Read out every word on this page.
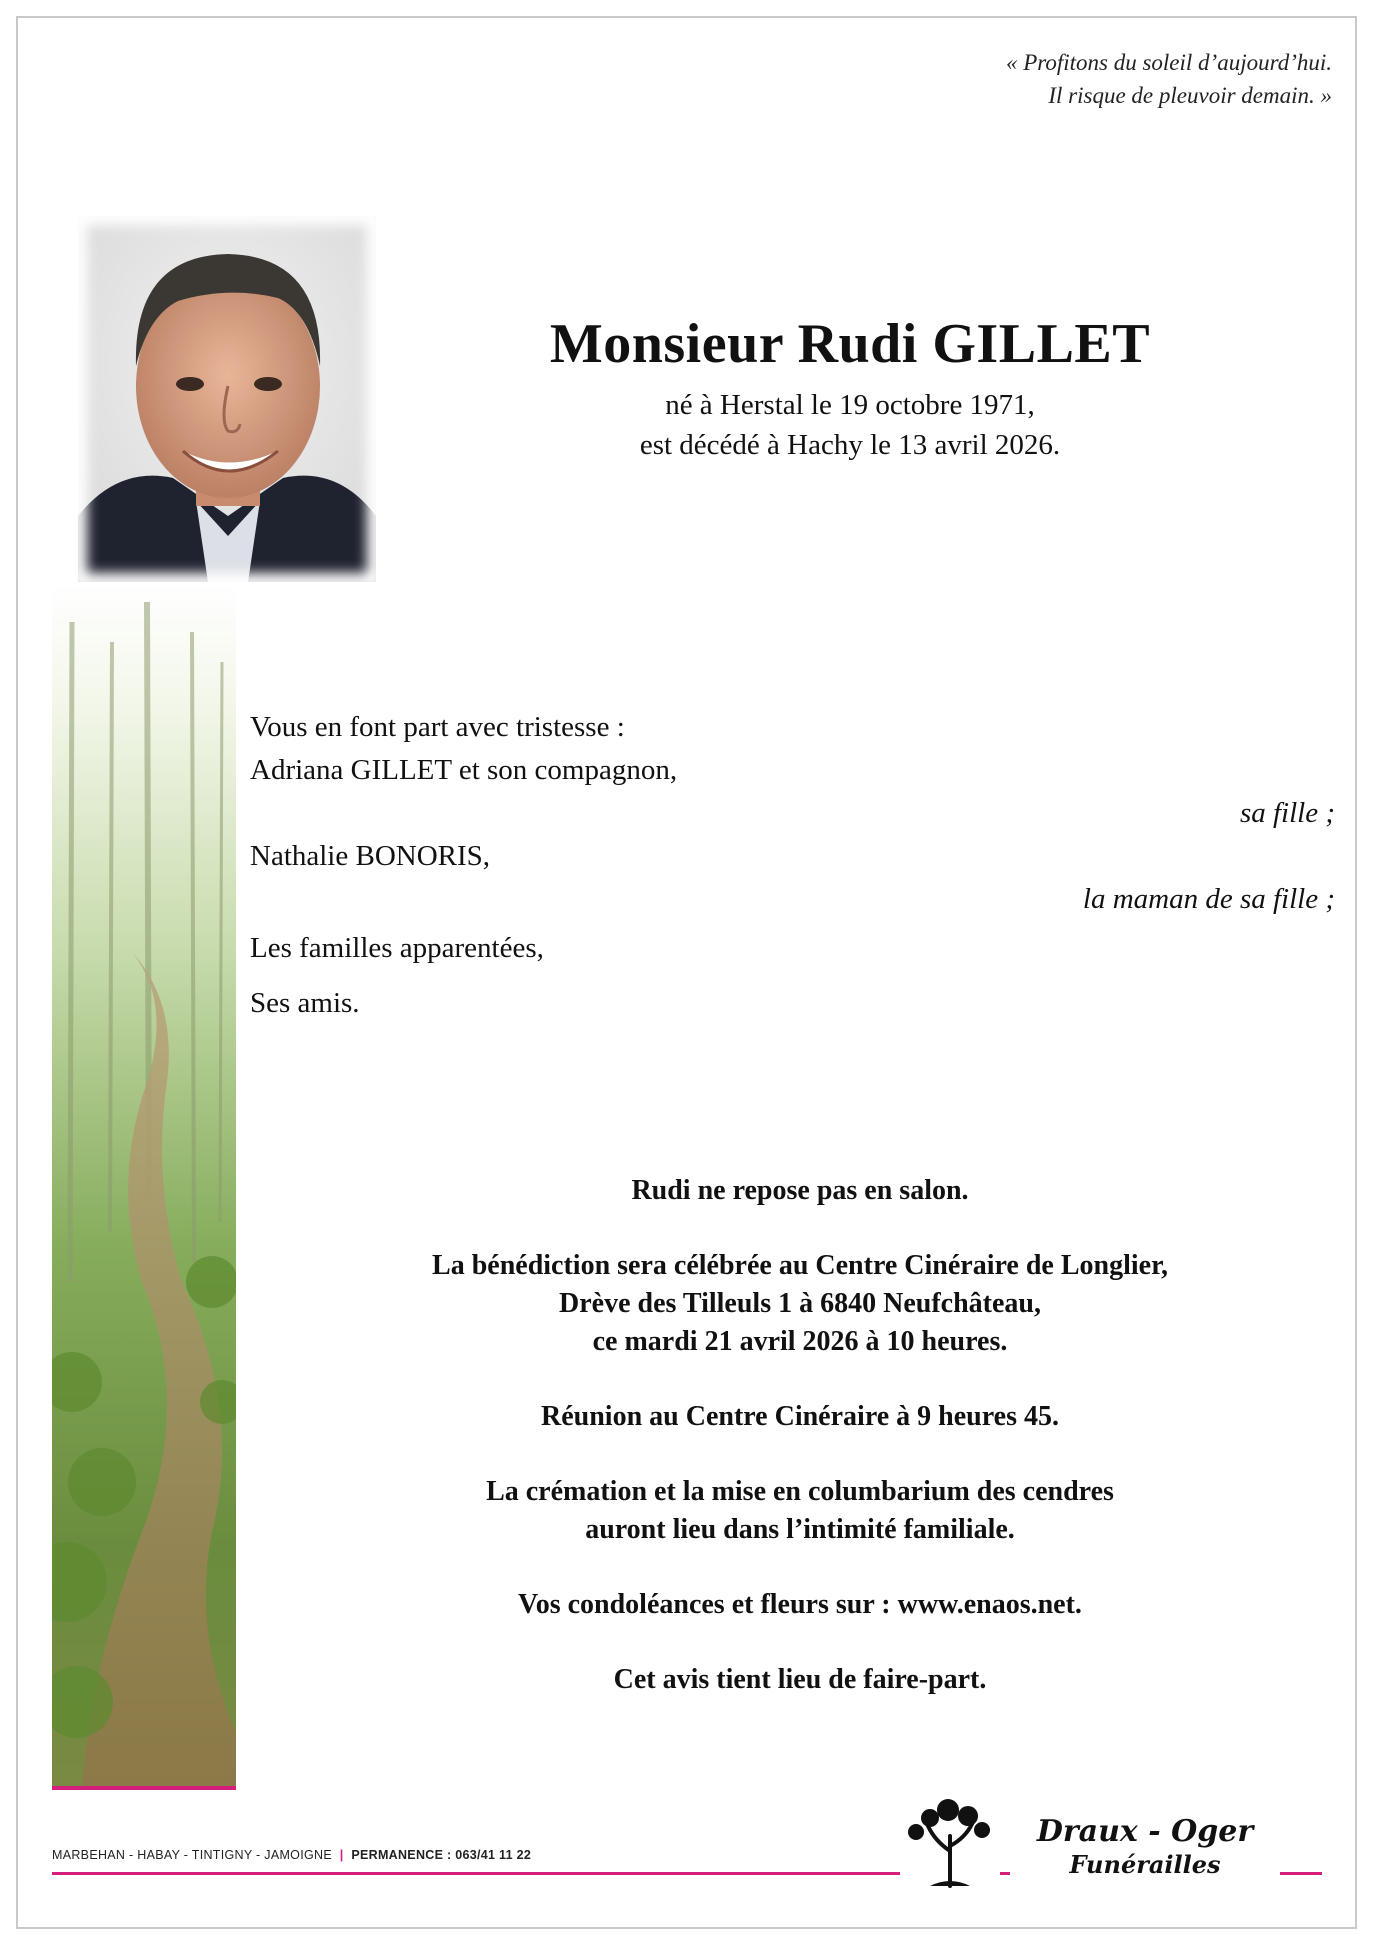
« Profitons du soleil d’aujourd’hui.
Il risque de pleuvoir demain. »
Monsieur Rudi GILLET
né à Herstal le 19 octobre 1971,
est décédé à Hachy le 13 avril 2026.
Vous en font part avec tristesse :
Adriana GILLET et son compagnon,
sa fille ;
Nathalie BONORIS,
la maman de sa fille ;
Les familles apparentées,
Ses amis.

Rudi ne repose pas en salon.

La bénédiction sera célébrée au Centre Cinéraire de Longlier,
Drève des Tilleuls 1 à 6840 Neufchâteau,
ce mardi 21 avril 2026 à 10 heures.

Réunion au Centre Cinéraire à 9 heures 45.

La crémation et la mise en columbarium des cendres
auront lieu dans l’intimité familiale.

Vos condoléances et fleurs sur : www.enaos.net.

Cet avis tient lieu de faire-part.

MARBEHAN - HABAY - TINTIGNY - JAMOIGNE | PERMANENCE : 063/41 11 22
Draux - Oger
Funérailles
